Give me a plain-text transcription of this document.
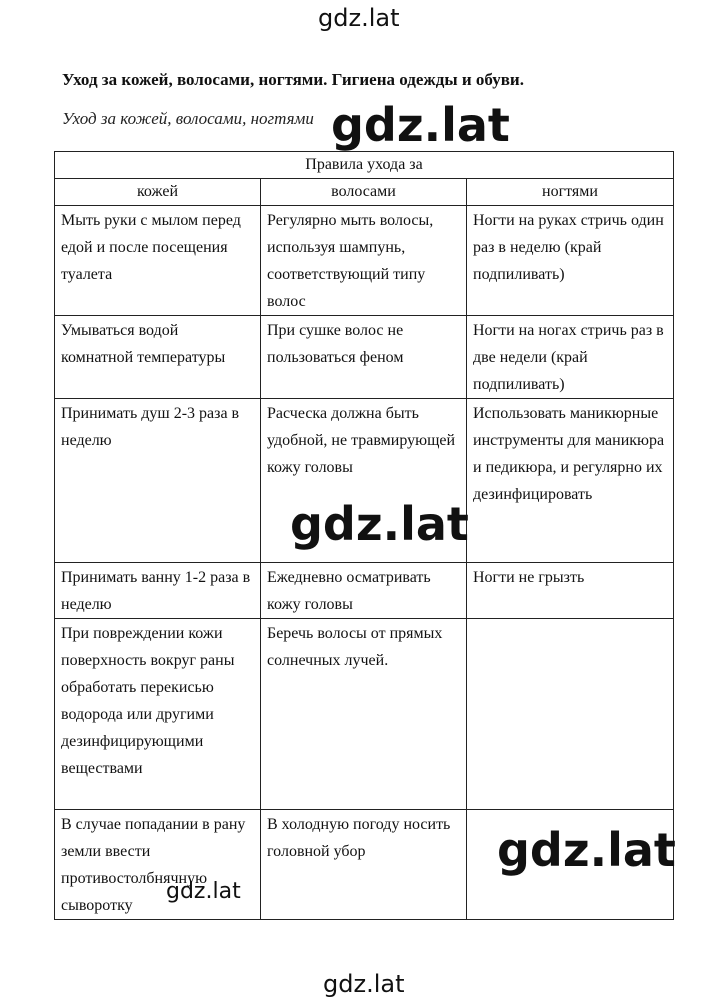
gdz.lat
gdz.lat
gdz.lat
gdz.lat
gdz.lat
gdz.lat
Уход за кожей, волосами, ногтями. Гигиена одежды и обуви.
Уход за кожей, волосами, ногтями
Правила ухода за		
кожей	волосами	ногтями
Мыть руки с мылом перед едой и после посещения туалета	Регулярно мыть волосы, используя шампунь, соответствующий типу волос	Ногти на руках стричь один раз в неделю (край подпиливать)
Умываться водой комнатной температуры	При сушке волос не пользоваться феном	Ногти на ногах стричь раз в две недели (край подпиливать)
Принимать душ 2-3 раза в неделю	Расческа должна быть удобной, не травмирующей кожу головы	Использовать маникюрные инструменты для маникюра и педикюра, и регулярно их дезинфицировать
Принимать ванну 1-2 раза в неделю	Ежедневно осматривать кожу головы	Ногти не грызть
При повреждении кожи поверхность вокруг раны обработать перекисью водорода или другими дезинфицирующими веществами	Беречь волосы от прямых солнечных лучей.	
В случае попадании в рану земли ввести противостолбнячную сыворотку	В холодную погоду носить головной убор	
